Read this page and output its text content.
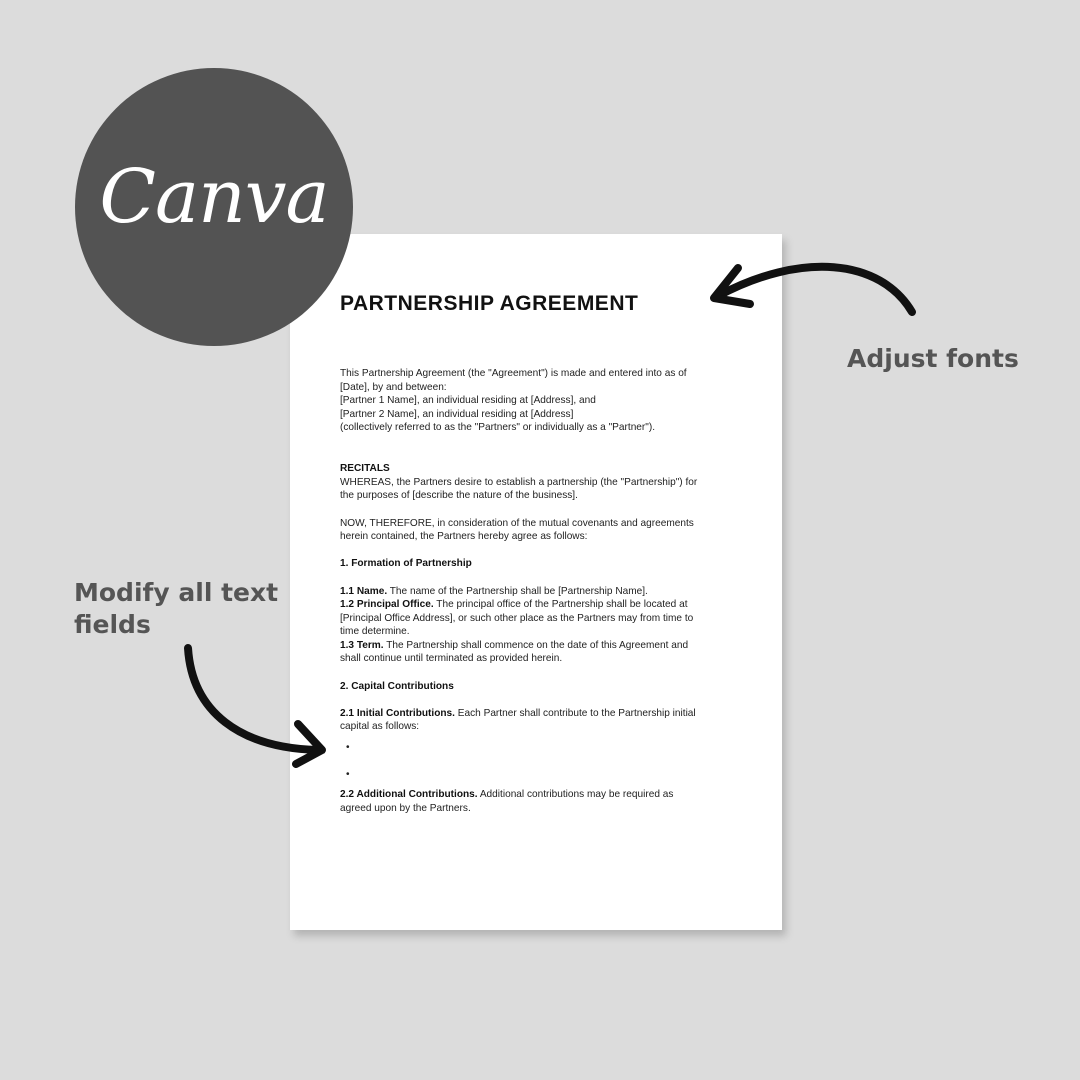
PARTNERSHIP AGREEMENT

This Partnership Agreement (the "Agreement") is made and entered into as of
[Date], by and between:
[Partner 1 Name], an individual residing at [Address], and
[Partner 2 Name], an individual residing at [Address]
(collectively referred to as the "Partners" or individually as a "Partner").

RECITALS
WHEREAS, the Partners desire to establish a partnership (the "Partnership") for
the purposes of [describe the nature of the business].

NOW, THEREFORE, in consideration of the mutual covenants and agreements
herein contained, the Partners hereby agree as follows:

1. Formation of Partnership
1.1 Name. The name of the Partnership shall be [Partnership Name].
1.2 Principal Office. The principal office of the Partnership shall be located at
[Principal Office Address], or such other place as the Partners may from time to
time determine.
1.3 Term. The Partnership shall commence on the date of this Agreement and
shall continue until terminated as provided herein.
2. Capital Contributions
2.1 Initial Contributions. Each Partner shall contribute to the Partnership initial
capital as follows:
•
•
2.2 Additional Contributions. Additional contributions may be required as
agreed upon by the Partners.
Canva
Adjust fonts
Modify all text fields
